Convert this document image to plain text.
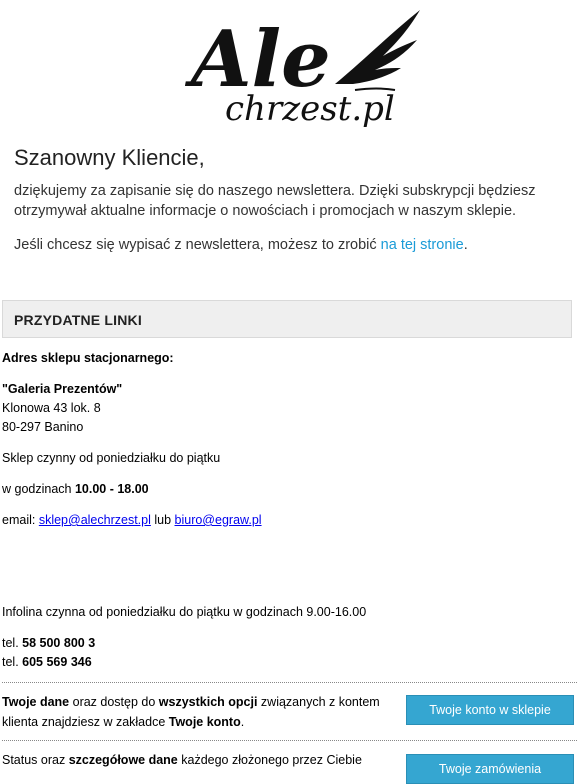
Ale
chrzest.pl
Szanowny Kliencie,

dziękujemy za zapisanie się do naszego newslettera. Dzięki subskrypcji będziesz otrzymywał aktualne informacje o nowościach i promocjach w naszym sklepie.

Jeśli chcesz się wypisać z newslettera, możesz to zrobić na tej stronie.

PRZYDATNE LINKI

Adres sklepu stacjonarnego:

"Galeria Prezentów"

Klonowa 43 lok. 8

80-297 Banino

Sklep czynny od poniedziałku do piątku

w godzinach 10.00 - 18.00

email: sklep@alechrzest.pl lub biuro@egraw.pl

Infolina czynna od poniedziałku do piątku w godzinach 9.00-16.00

tel. 58 500 800 3

tel. 605 569 346

Twoje dane oraz dostęp do wszystkich opcji związanych z kontem klienta znajdziesz w zakładce Twoje konto.

Twoje konto w sklepie

Status oraz szczegółowe dane każdego złożonego przez Ciebie

Twoje zamówienia
